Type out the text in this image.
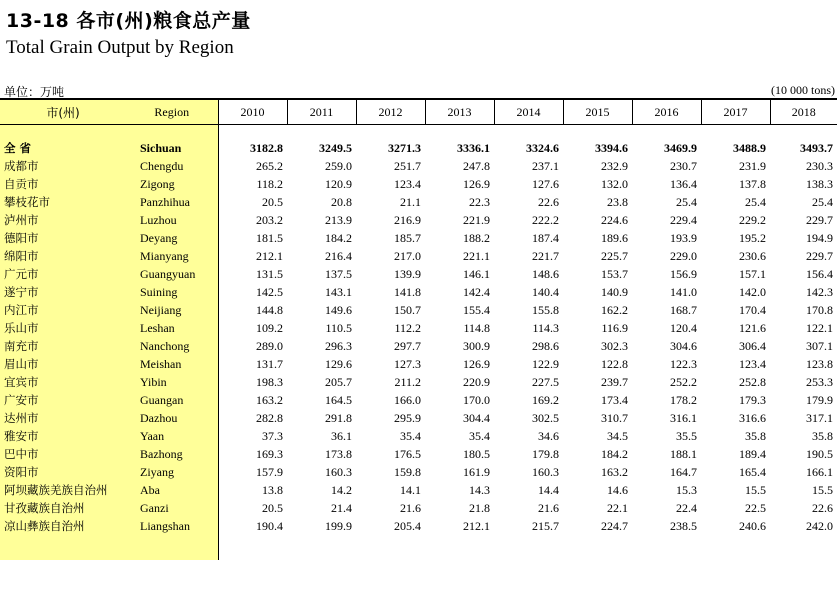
13-18 各市(州)粮食总产量
Total Grain Output by Region
单位：万吨	(10 000 tons)
市(州)	Region	2010	2011	2012	2013	2014	2015	2016	2017	2018

全 省	Sichuan	3182.8	3249.5	3271.3	3336.1	3324.6	3394.6	3469.9	3488.9	3493.7
成都市	Chengdu	265.2	259.0	251.7	247.8	237.1	232.9	230.7	231.9	230.3
自贡市	Zigong	118.2	120.9	123.4	126.9	127.6	132.0	136.4	137.8	138.3
攀枝花市	Panzhihua	20.5	20.8	21.1	22.3	22.6	23.8	25.4	25.4	25.4
泸州市	Luzhou	203.2	213.9	216.9	221.9	222.2	224.6	229.4	229.2	229.7
德阳市	Deyang	181.5	184.2	185.7	188.2	187.4	189.6	193.9	195.2	194.9
绵阳市	Mianyang	212.1	216.4	217.0	221.1	221.7	225.7	229.0	230.6	229.7
广元市	Guangyuan	131.5	137.5	139.9	146.1	148.6	153.7	156.9	157.1	156.4
遂宁市	Suining	142.5	143.1	141.8	142.4	140.4	140.9	141.0	142.0	142.3
内江市	Neijiang	144.8	149.6	150.7	155.4	155.8	162.2	168.7	170.4	170.8
乐山市	Leshan	109.2	110.5	112.2	114.8	114.3	116.9	120.4	121.6	122.1
南充市	Nanchong	289.0	296.3	297.7	300.9	298.6	302.3	304.6	306.4	307.1
眉山市	Meishan	131.7	129.6	127.3	126.9	122.9	122.8	122.3	123.4	123.8
宜宾市	Yibin	198.3	205.7	211.2	220.9	227.5	239.7	252.2	252.8	253.3
广安市	Guangan	163.2	164.5	166.0	170.0	169.2	173.4	178.2	179.3	179.9
达州市	Dazhou	282.8	291.8	295.9	304.4	302.5	310.7	316.1	316.6	317.1
雅安市	Yaan	37.3	36.1	35.4	35.4	34.6	34.5	35.5	35.8	35.8
巴中市	Bazhong	169.3	173.8	176.5	180.5	179.8	184.2	188.1	189.4	190.5
资阳市	Ziyang	157.9	160.3	159.8	161.9	160.3	163.2	164.7	165.4	166.1
阿坝藏族羌族自治州	Aba	13.8	14.2	14.1	14.3	14.4	14.6	15.3	15.5	15.5
甘孜藏族自治州	Ganzi	20.5	21.4	21.6	21.8	21.6	22.1	22.4	22.5	22.6
凉山彝族自治州	Liangshan	190.4	199.9	205.4	212.1	215.7	224.7	238.5	240.6	242.0
